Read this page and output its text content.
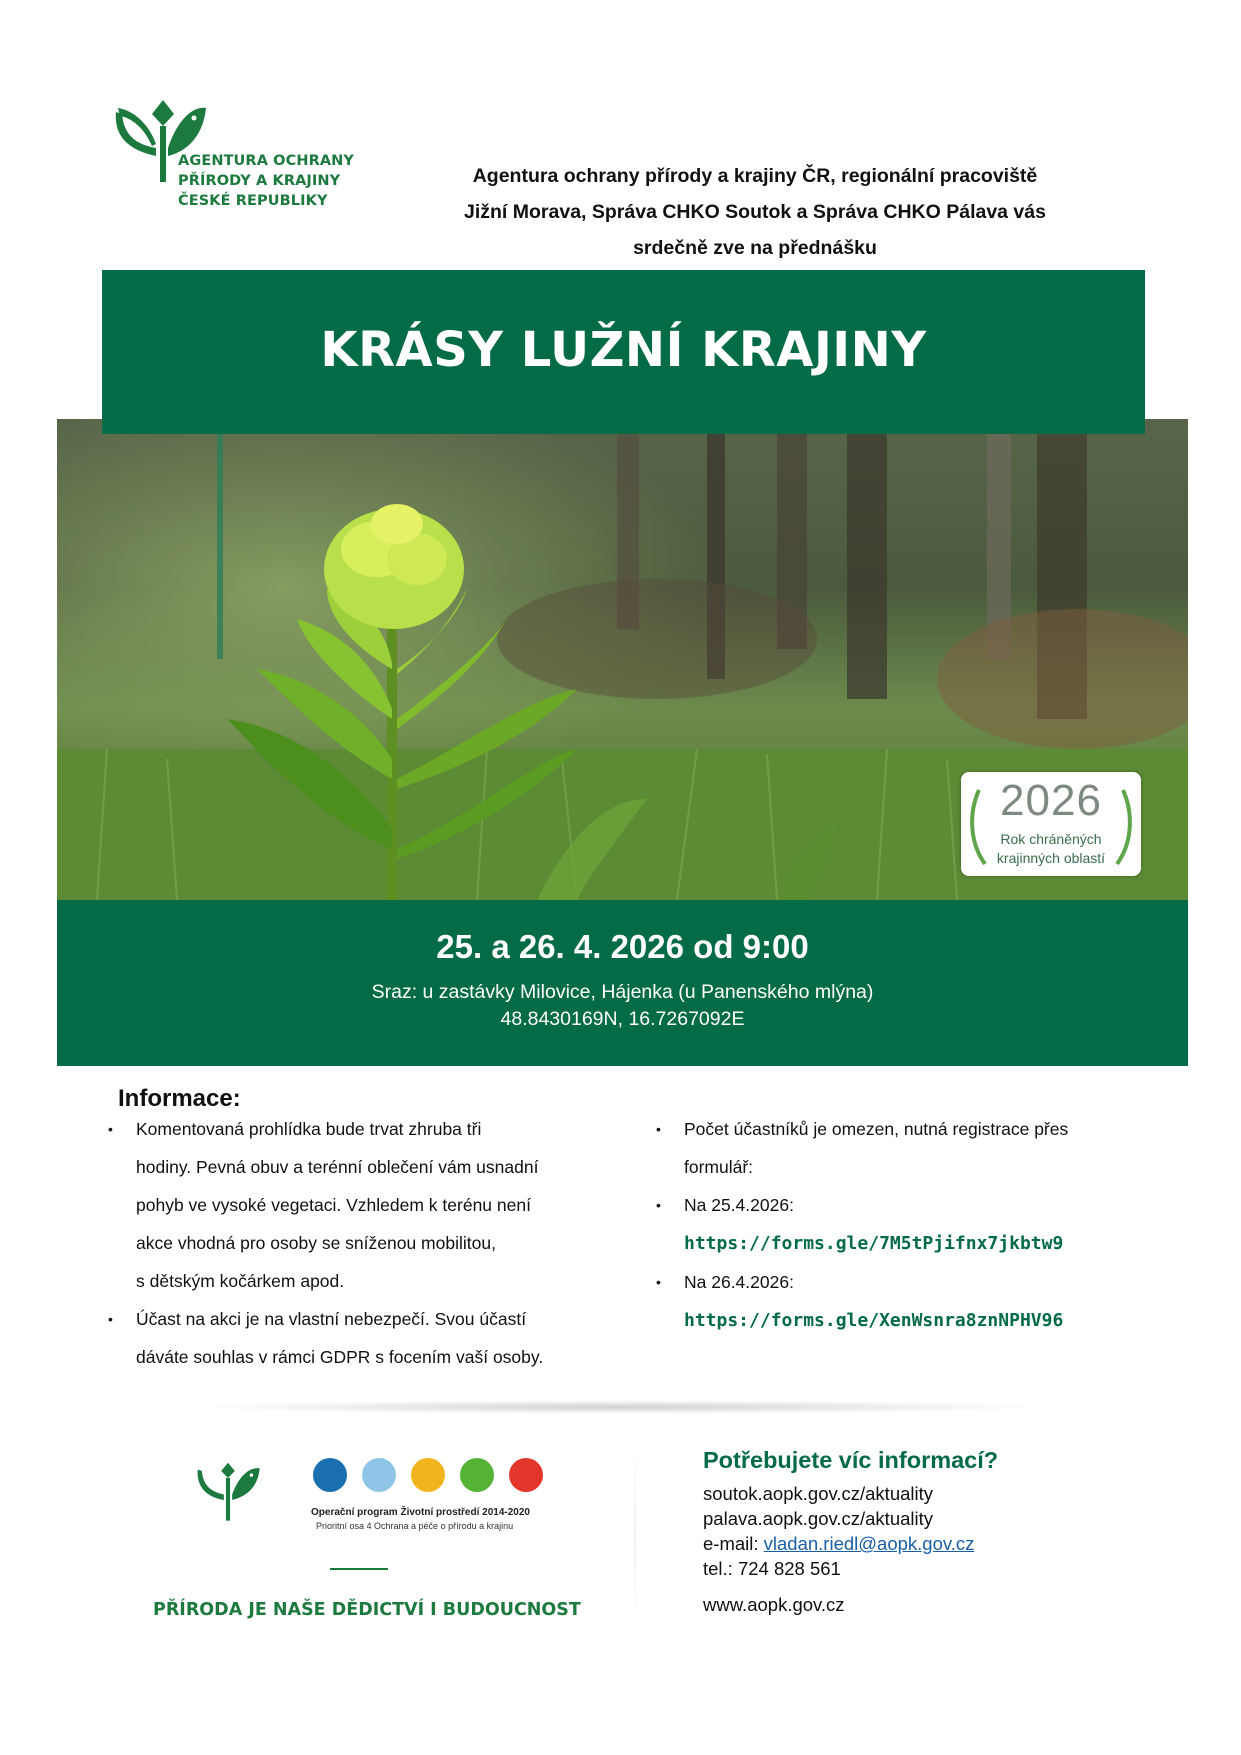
AGENTURA OCHRANY
PŘÍRODY A KRAJINY
ČESKÉ REPUBLIKY
Agentura ochrany přírody a krajiny ČR, regionální pracoviště
Jižní Morava, Správa CHKO Soutok a Správa CHKO Pálava vás
srdečně zve na přednášku
2026
Rok chráněných
krajinných oblastí
KRÁSY LUŽNÍ KRAJINY
25. a 26. 4. 2026 od 9:00
Sraz: u zastávky Milovice, Hájenka (u Panenského mlýna)
48.8430169N, 16.7267092E
Informace:
• Komentovaná prohlídka bude trvat zhruba tři
hodiny. Pevná obuv a terénní oblečení vám usnadní
pohyb ve vysoké vegetaci. Vzhledem k terénu není
akce vhodná pro osoby se sníženou mobilitou,
s dětským kočárkem apod.
• Účast na akci je na vlastní nebezpečí. Svou účastí
dáváte souhlas v rámci GDPR s focením vaší osoby.
• Počet účastníků je omezen, nutná registrace přes
formulář:
• Na 25.4.2026:
https://forms.gle/7M5tPjifnx7jkbtw9
• Na 26.4.2026:
https://forms.gle/XenWsnra8znNPHV96
Operační program Životní prostředí 2014-2020
Prioritní osa 4 Ochrana a péče o přírodu a krajinu
PŘÍRODA JE NAŠE DĚDICTVÍ I BUDOUCNOST
Potřebujete víc informací?
soutok.aopk.gov.cz/aktuality
palava.aopk.gov.cz/aktuality
e-mail: vladan.riedl@aopk.gov.cz
tel.: 724 828 561
www.aopk.gov.cz
